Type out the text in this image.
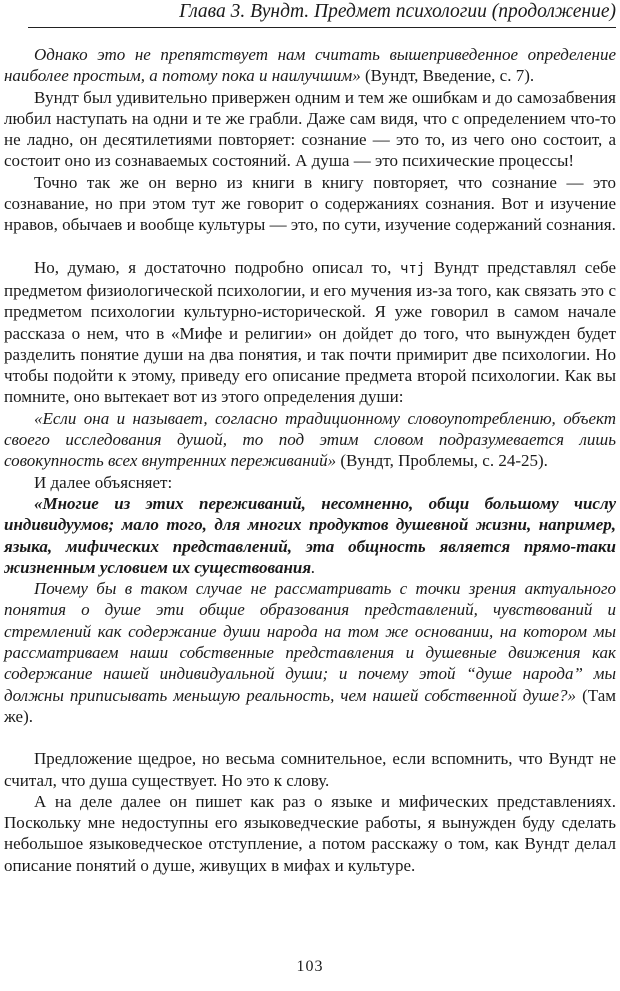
Глава 3. Вундт. Предмет психологии (продолжение)

Однако это не препятствует нам считать вышеприведенное определение наиболее простым, а потому пока и наилучшим» (Вундт, Введение, с. 7).

Вундт был удивительно привержен одним и тем же ошибкам и до самозабвения любил наступать на одни и те же грабли. Даже сам видя, что с определением что-то не ладно, он десятилетиями повторяет: сознание — это то, из чего оно состоит, а состоит оно из сознаваемых состояний. А душа — это психические процессы!

Точно так же он верно из книги в книгу повторяет, что сознание — это сознавание, но при этом тут же говорит о содержаниях сознания. Вот и изучение нравов, обычаев и вообще культуры — это, по сути, изучение содержаний сознания.

Но, думаю, я достаточно подробно описал то, чтj Вундт представлял себе предметом физиологической психологии, и его мучения из-за того, как связать это с предметом психологии культурно-исторической. Я уже говорил в самом начале рассказа о нем, что в «Мифе и религии» он дойдет до того, что вынужден будет разделить понятие души на два понятия, и так почти примирит две психологии. Но чтобы подойти к этому, приведу его описание предмета второй психологии. Как вы помните, оно вытекает вот из этого определения души:

«Если она и называет, согласно традиционному словоупотреблению, объект своего исследования душой, то под этим словом подразумевается лишь совокупность всех внутренних переживаний» (Вундт, Проблемы, с. 24-25).

И далее объясняет:

«Многие из этих переживаний, несомненно, общи большому числу индивидуумов; мало того, для многих продуктов душевной жизни, например, языка, мифических представлений, эта общность является прямо-таки жизненным условием их существования.

Почему бы в таком случае не рассматривать с точки зрения актуального понятия о душе эти общие образования представлений, чувствований и стремлений как содержание души народа на том же основании, на котором мы рассматриваем наши собственные представления и душевные движения как содержание нашей индивидуальной души; и почему этой “душе народа” мы должны приписывать меньшую реальность, чем нашей собственной душе?» (Там же).

Предложение щедрое, но весьма сомнительное, если вспомнить, что Вундт не считал, что душа существует. Но это к слову.

А на деле далее он пишет как раз о языке и мифических представлениях. Поскольку мне недоступны его языковедческие работы, я вынужден буду сделать небольшое языковедческое отступление, а потом расскажу о том, как Вундт делал описание понятий о душе, живущих в мифах и культуре.

103
